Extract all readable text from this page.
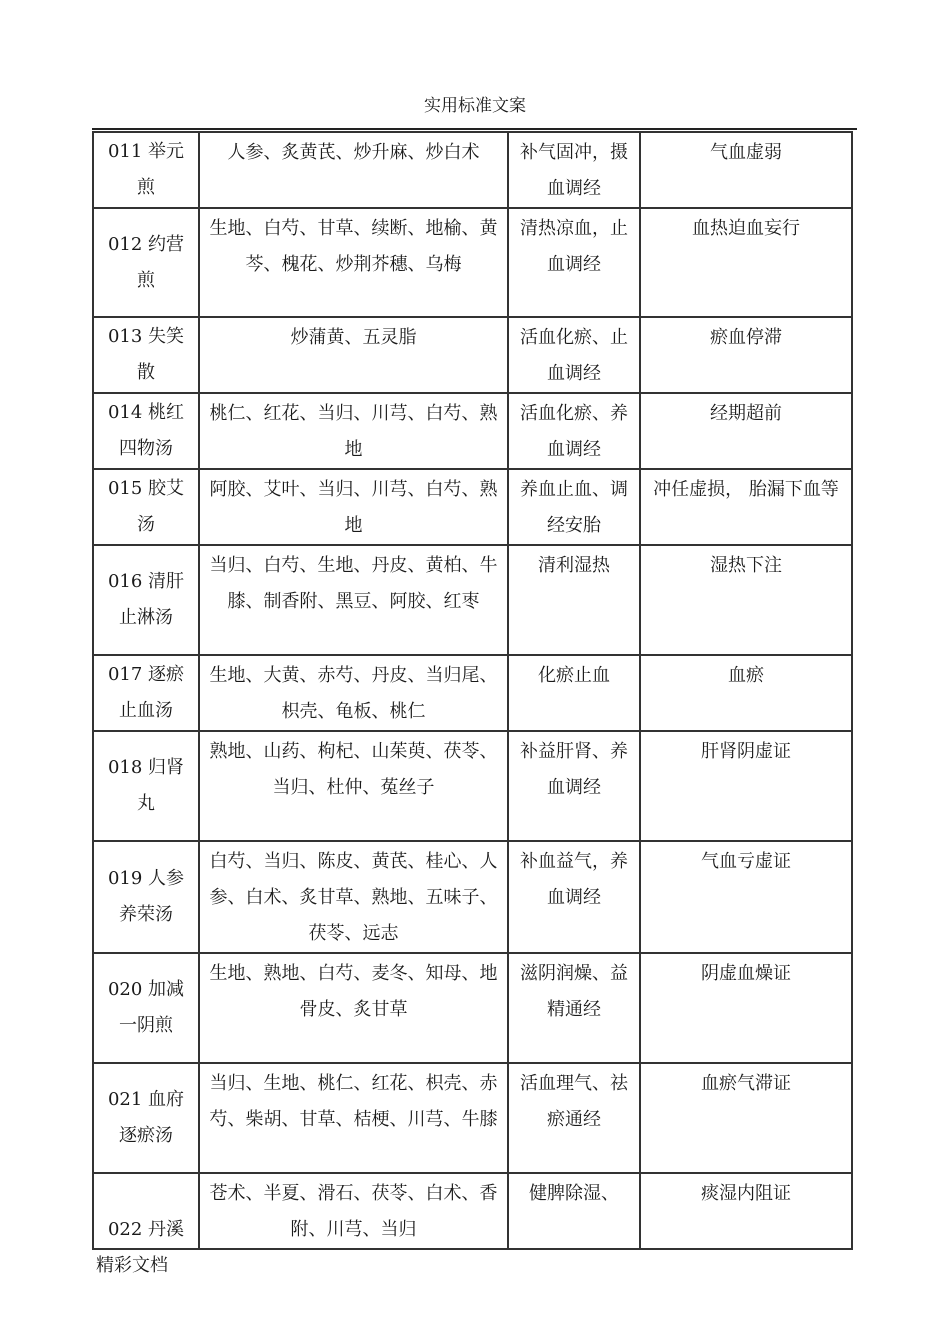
实用标准文案
011 举元煎	人参、炙黄芪、炒升麻、炒白术	补气固冲，摄血调经	气血虚弱
012 约营煎	生地、白芍、甘草、续断、地榆、黄芩、槐花、炒荆芥穗、乌梅	清热凉血，止血调经	血热迫血妄行
013 失笑散	炒蒲黄、五灵脂	活血化瘀、止血调经	瘀血停滞
014 桃红四物汤	桃仁、红花、当归、川芎、白芍、熟地	活血化瘀、养血调经	经期超前
015 胶艾汤	阿胶、艾叶、当归、川芎、白芍、熟地	养血止血、调经安胎	冲任虚损， 胎漏下血等
016 清肝止淋汤	当归、白芍、生地、丹皮、黄柏、牛膝、制香附、黑豆、阿胶、红枣	清利湿热	湿热下注
017 逐瘀止血汤	生地、大黄、赤芍、丹皮、当归尾、枳壳、龟板、桃仁	化瘀止血	血瘀
018 归肾丸	熟地、山药、枸杞、山茱萸、茯苓、当归、杜仲、菟丝子	补益肝肾、养血调经	肝肾阴虚证
019 人参养荣汤	白芍、当归、陈皮、黄芪、桂心、人参、白术、炙甘草、熟地、五味子、茯苓、远志	补血益气，养血调经	气血亏虚证
020 加减一阴煎	生地、熟地、白芍、麦冬、知母、地骨皮、炙甘草	滋阴润燥、益精通经	阴虚血燥证
021 血府逐瘀汤	当归、生地、桃仁、红花、枳壳、赤芍、柴胡、甘草、桔梗、川芎、牛膝	活血理气、祛瘀通经	血瘀气滞证
022 丹溪	苍术、半夏、滑石、茯苓、白术、香附、川芎、当归	健脾除湿、	痰湿内阻证
精彩文档
